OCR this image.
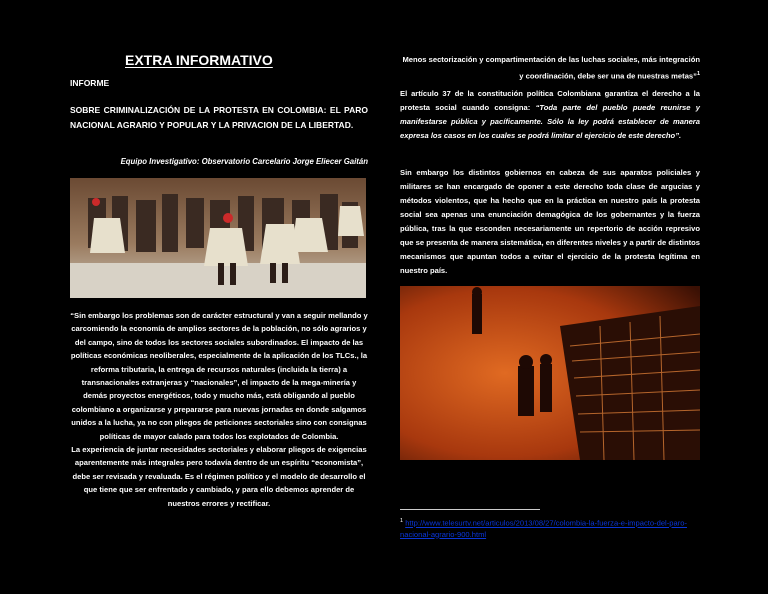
EXTRA INFORMATIVO
INFORME
SOBRE CRIMINALIZACIÓN DE LA PROTESTA EN COLOMBIA: EL PARO NACIONAL AGRARIO Y POPULAR Y LA PRIVACION DE LA LIBERTAD.
Equipo Investigativo: Observatorio Carcelario Jorge Eliecer Gaitán

“Sin embargo los problemas son de carácter estructural y van a seguir mellando y carcomiendo la economía de amplios sectores de la población, no sólo agrarios y del campo, sino de todos los sectores sociales subordinados. El impacto de las políticas económicas neoliberales, especialmente de la aplicación de los TLCs., la reforma tributaria, la entrega de recursos naturales (incluida la tierra) a transnacionales extranjeras y “nacionales”, el impacto de la mega-minería y demás proyectos energéticos, todo y mucho más, está obligando al pueblo colombiano a organizarse y prepararse para nuevas jornadas en donde salgamos unidos a la lucha, ya no con pliegos de peticiones sectoriales sino con consignas políticas de mayor calado para todos los explotados de Colombia.

La experiencia de juntar necesidades sectoriales y elaborar pliegos de exigencias aparentemente más integrales pero todavía dentro de un espíritu “economista”, debe ser revisada y revaluada. Es el régimen político y el modelo de desarrollo el que tiene que ser enfrentado y cambiado, y para ello debemos aprender de nuestros errores y rectificar.

Menos sectorización y compartimentación de las luchas sociales, más integración y coordinación, debe ser una de nuestras metas”$^1$
El artículo 37 de la constitución política Colombiana garantiza el derecho a la protesta social cuando consigna: “Toda parte del pueblo puede reunirse y manifestarse pública y pacíficamente. Sólo la ley podrá establecer de manera expresa los casos en los cuales se podrá limitar el ejercicio de este derecho”.
Sin embargo los distintos gobiernos en cabeza de sus aparatos policiales y militares se han encargado de oponer a este derecho toda clase de argucias y métodos violentos, que ha hecho que en la práctica en nuestro país la protesta social sea apenas una enunciación demagógica de los gobernantes y la fuerza pública, tras la que esconden necesariamente un repertorio de acción represivo que se presenta de manera sistemática, en diferentes niveles y a partir de distintos mecanismos que apuntan todos a evitar el ejercicio de la protesta legítima en nuestro país.
$^1$ http://www.telesurtv.net/articulos/2013/08/27/colombia-la-fuerza-e-impacto-del-paro-nacional-agrario-900.html
